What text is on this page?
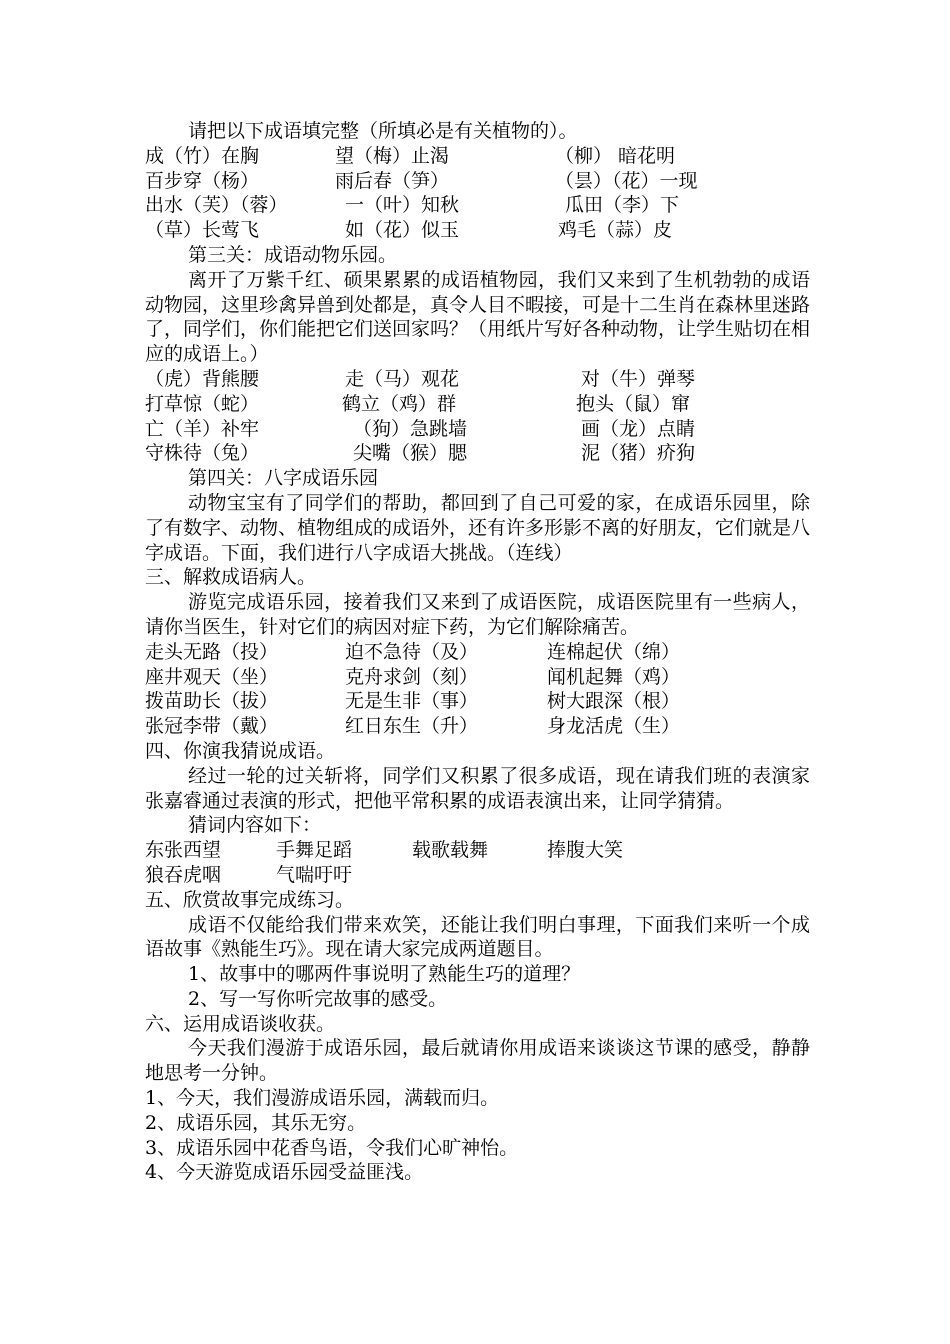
请把以下成语填完整（所填必是有关植物的）。
成（竹）在胸	望（梅）止渴	（柳） 暗花明
百步穿（杨）	雨后春（笋）	（昙）（花）一现
出水（芙）（蓉）	一（叶）知秋	瓜田（李）下
（草）长莺飞	如（花）似玉	鸡毛（蒜）皮
第三关：成语动物乐园。
离开了万紫千红、硕果累累的成语植物园，我们又来到了生机勃勃的成语动物园，这里珍禽异兽到处都是，真令人目不暇接，可是十二生肖在森林里迷路了，同学们，你们能把它们送回家吗？（用纸片写好各种动物，让学生贴切在相应的成语上。）
（虎）背熊腰	走（马）观花	对（牛）弹琴
打草惊（蛇）	鹤立（鸡）群	抱头（鼠）窜
亡（羊）补牢	（狗）急跳墙	画（龙）点睛
守株待（兔）	尖嘴（猴）腮	泥（猪）疥狗
第四关：八字成语乐园
动物宝宝有了同学们的帮助，都回到了自己可爱的家，在成语乐园里，除了有数字、动物、植物组成的成语外，还有许多形影不离的好朋友，它们就是八字成语。下面，我们进行八字成语大挑战。（连线）
三、解救成语病人。
游览完成语乐园，接着我们又来到了成语医院，成语医院里有一些病人，请你当医生，针对它们的病因对症下药，为它们解除痛苦。
走头无路（投）	迫不急待（及）	连棉起伏（绵）
座井观天（坐）	克舟求剑（刻）	闻机起舞（鸡）
拨苗助长（拔）	无是生非（事）	树大跟深（根）
张冠李带（戴）	红日东生（升）	身龙活虎（生）
四、你演我猜说成语。
经过一轮的过关斩将，同学们又积累了很多成语，现在请我们班的表演家张嘉睿通过表演的形式，把他平常积累的成语表演出来，让同学猜猜。
猜词内容如下：
东张西望	手舞足蹈	载歌载舞	捧腹大笑
狼吞虎咽	气喘吁吁
五、欣赏故事完成练习。
成语不仅能给我们带来欢笑，还能让我们明白事理，下面我们来听一个成语故事《熟能生巧》。现在请大家完成两道题目。
1、故事中的哪两件事说明了熟能生巧的道理？
2、写一写你听完故事的感受。
六、运用成语谈收获。
今天我们漫游于成语乐园，最后就请你用成语来谈谈这节课的感受，静静地思考一分钟。
1、今天，我们漫游成语乐园，满载而归。
2、成语乐园，其乐无穷。
3、成语乐园中花香鸟语，令我们心旷神怡。
4、今天游览成语乐园受益匪浅。
